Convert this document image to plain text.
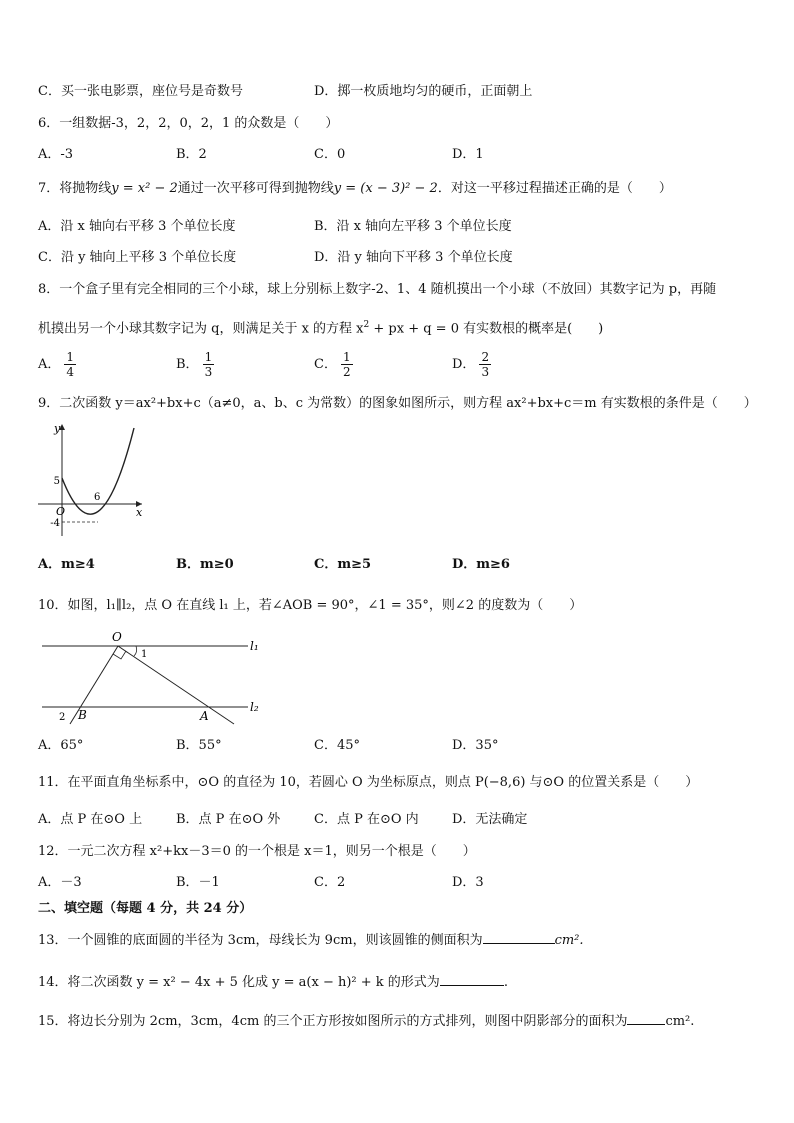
C．买一张电影票，座位号是奇数号	D．掷一枚质地均匀的硬币，正面朝上
6．一组数据-3，2，2，0，2，1 的众数是（　　）
A．-3	B．2	C．0	D．1
7．将抛物线y = x² − 2通过一次平移可得到抛物线y = (x − 3)² − 2．对这一平移过程描述正确的是（　　）
A．沿 x 轴向右平移 3 个单位长度	B．沿 x 轴向左平移 3 个单位长度
C．沿 y 轴向上平移 3 个单位长度	D．沿 y 轴向下平移 3 个单位长度
8．一个盒子里有完全相同的三个小球，球上分别标上数字-2、1、4 随机摸出一个小球（不放回）其数字记为 p，再随
机摸出另一个小球其数字记为 q，则满足关于 x 的方程 $x^2$ + px + q = 0 有实数根的概率是(　　)
A． $\frac{1}{4}$	B． $\frac{1}{3}$	C． $\frac{1}{2}$	D． $\frac{2}{3}$
9．二次函数 y＝ax²+bx+c（a≠0，a、b、c 为常数）的图象如图所示，则方程 ax²+bx+c＝m 有实数根的条件是（　　）
y
x
O
5
-4
6
A．m≥4	B．m≥0	C．m≥5	D．m≥6
10．如图，l₁∥l₂，点 O 在直线 l₁ 上，若∠AOB = 90°，∠1 = 35°，则∠2 的度数为（　　）
O
1
l₁
l₂
B
2	A
A．65°	B．55°	C．45°	D．35°
11．在平面直角坐标系中，⊙O 的直径为 10，若圆心 O 为坐标原点，则点 P(−8,6) 与⊙O 的位置关系是（　　）
A．点 P 在⊙O 上	B．点 P 在⊙O 外	C．点 P 在⊙O 内	D．无法确定
12．一元二次方程 x²+kx－3＝0 的一个根是 x＝1，则另一个根是（　　）
A．－3	B．－1	C．2	D．3
二、填空题（每题 4 分，共 24 分）
13．一个圆锥的底面圆的半径为 3cm，母线长为 9cm，则该圆锥的侧面积为	cm².
14．将二次函数 y = x² − 4x + 5 化成 y = a(x − h)² + k 的形式为	.
15．将边长分别为 2cm，3cm，4cm 的三个正方形按如图所示的方式排列，则图中阴影部分的面积为	cm².
